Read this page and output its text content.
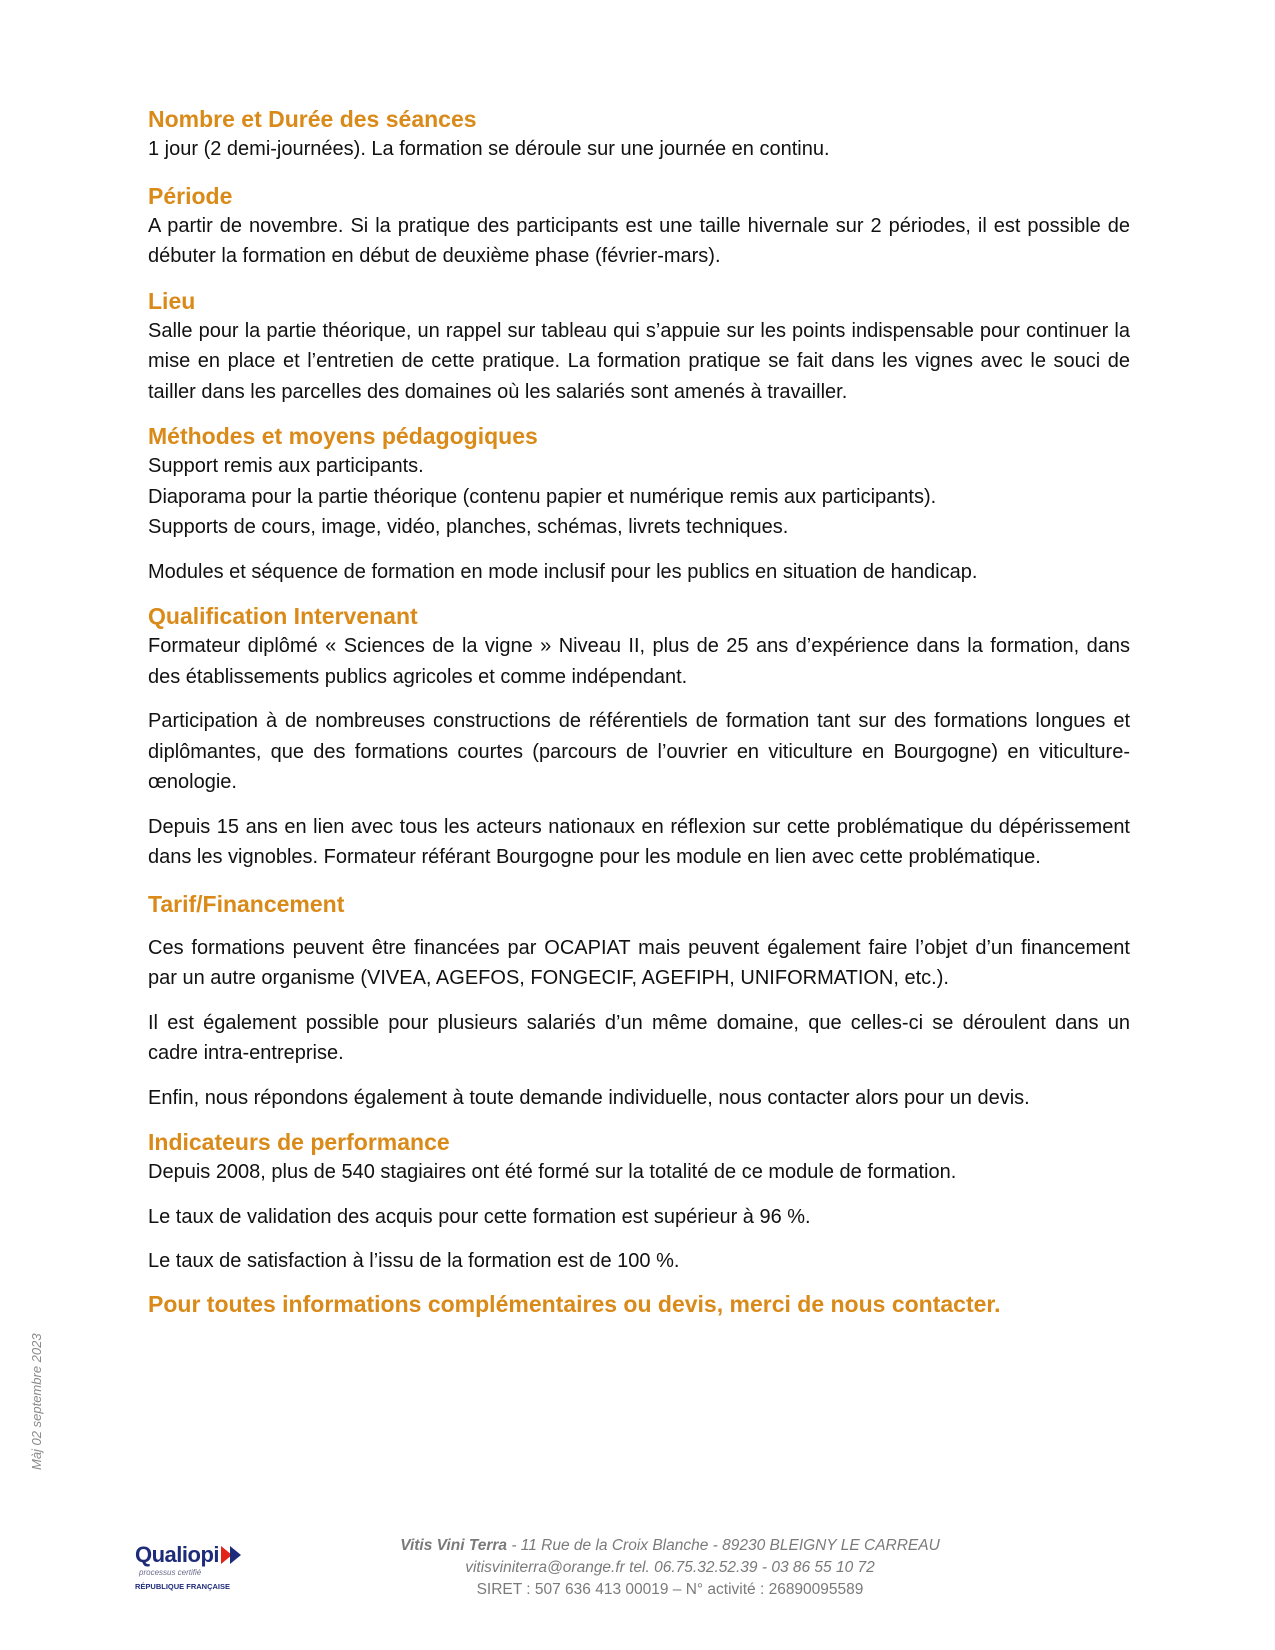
Nombre et Durée des séances

1 jour (2 demi-journées). La formation se déroule sur une journée en continu.

Période

A partir de novembre. Si la pratique des participants est une taille hivernale sur 2 périodes, il est possible de débuter la formation en début de deuxième phase (février-mars).

Lieu

Salle pour la partie théorique, un rappel sur tableau qui s’appuie sur les points indispensable pour continuer la mise en place et l’entretien de cette pratique. La formation pratique se fait dans les vignes avec le souci de tailler dans les parcelles des domaines où les salariés sont amenés à travailler.

Méthodes et moyens pédagogiques

Support remis aux participants.

Diaporama pour la partie théorique (contenu papier et numérique remis aux participants).

Supports de cours, image, vidéo, planches, schémas, livrets techniques.

Modules et séquence de formation en mode inclusif pour les publics en situation de handicap.

Qualification Intervenant

Formateur diplômé « Sciences de la vigne » Niveau II, plus de 25 ans d’expérience dans la formation, dans des établissements publics agricoles et comme indépendant.

Participation à de nombreuses constructions de référentiels de formation tant sur des formations longues et diplômantes, que des formations courtes (parcours de l’ouvrier en viticulture en Bourgogne) en viticulture-œnologie.

Depuis 15 ans en lien avec tous les acteurs nationaux en réflexion sur cette problématique du dépérissement dans les vignobles. Formateur référant Bourgogne pour les module en lien avec cette problématique.

Tarif/Financement

Ces formations peuvent être financées par OCAPIAT mais peuvent également faire l’objet d’un financement par un autre organisme (VIVEA, AGEFOS, FONGECIF, AGEFIPH, UNIFORMATION, etc.).

Il est également possible pour plusieurs salariés d’un même domaine, que celles-ci se déroulent dans un cadre intra-entreprise.

Enfin, nous répondons également à toute demande individuelle, nous contacter alors pour un devis.

Indicateurs de performance

Depuis 2008, plus de 540 stagiaires ont été formé sur la totalité de ce module de formation.

Le taux de validation des acquis pour cette formation est supérieur à 96 %.

Le taux de satisfaction à l’issu de la formation est de 100 %.

Pour toutes informations complémentaires ou devis, merci de nous contacter.
Màj 02 septembre 2023
Qualiopi
processus certifié
RÉPUBLIQUE FRANÇAISE
Vitis Vini Terra - 11 Rue de la Croix Blanche - 89230 BLEIGNY LE CARREAU
vitisviniterra@orange.fr tel. 06.75.32.52.39 - 03 86 55 10 72
SIRET : 507 636 413 00019 – N° activité : 26890095589
